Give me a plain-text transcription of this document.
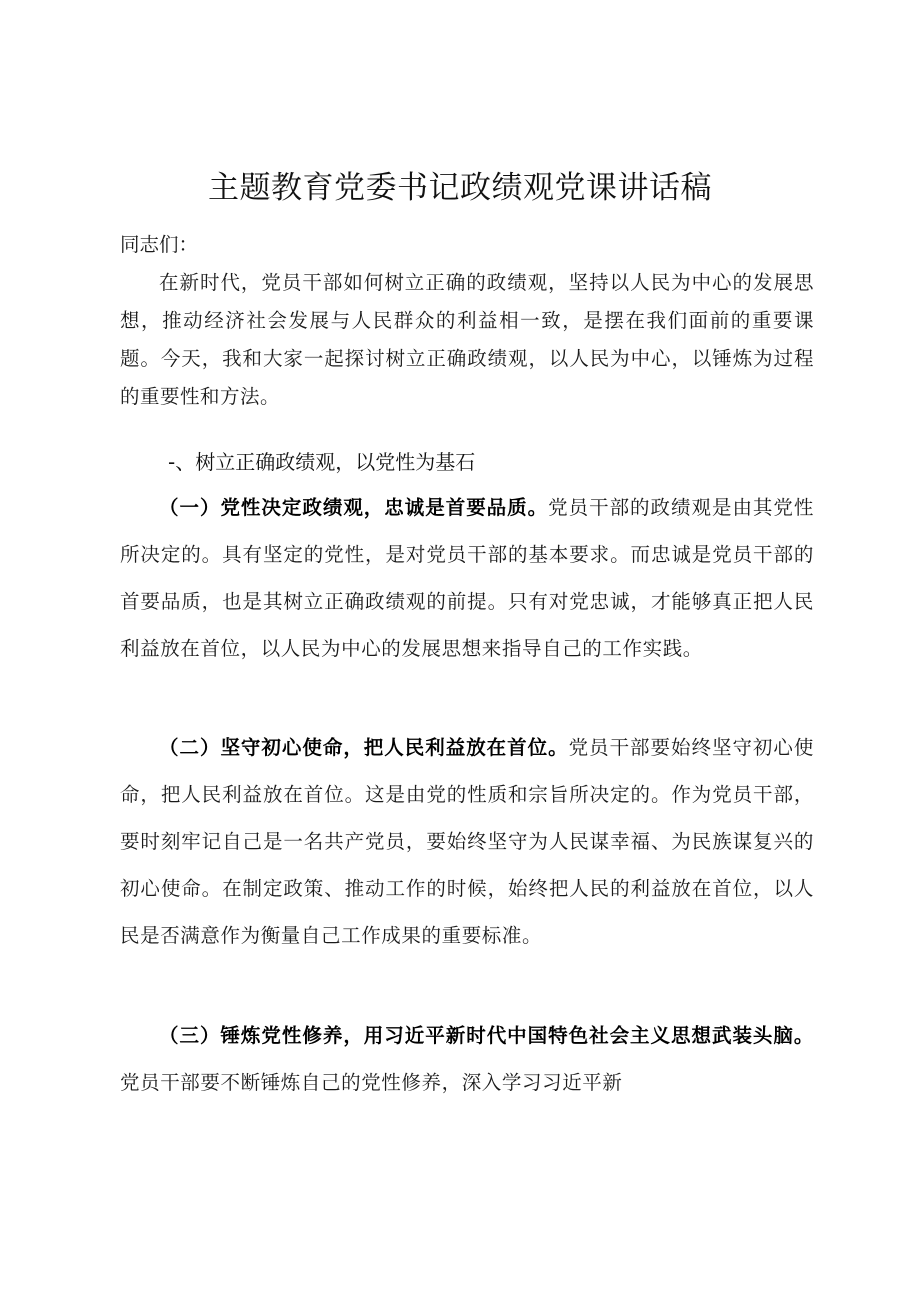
主题教育党委书记政绩观党课讲话稿
同志们：
在新时代，党员干部如何树立正确的政绩观，坚持以人民为中心的发展思想，推动经济社会发展与人民群众的利益相一致，是摆在我们面前的重要课题。今天，我和大家一起探讨树立正确政绩观，以人民为中心，以锤炼为过程的重要性和方法。
-、树立正确政绩观，以党性为基石
（一）党性决定政绩观，忠诚是首要品质。党员干部的政绩观是由其党性所决定的。具有坚定的党性，是对党员干部的基本要求。而忠诚是党员干部的首要品质，也是其树立正确政绩观的前提。只有对党忠诚，才能够真正把人民利益放在首位，以人民为中心的发展思想来指导自己的工作实践。
（二）坚守初心使命，把人民利益放在首位。党员干部要始终坚守初心使命，把人民利益放在首位。这是由党的性质和宗旨所决定的。作为党员干部，要时刻牢记自己是一名共产党员，要始终坚守为人民谋幸福、为民族谋复兴的初心使命。在制定政策、推动工作的时候，始终把人民的利益放在首位，以人民是否满意作为衡量自己工作成果的重要标准。
（三）锤炼党性修养，用习近平新时代中国特色社会主义思想武装头脑。党员干部要不断锤炼自己的党性修养，深入学习习近平新
